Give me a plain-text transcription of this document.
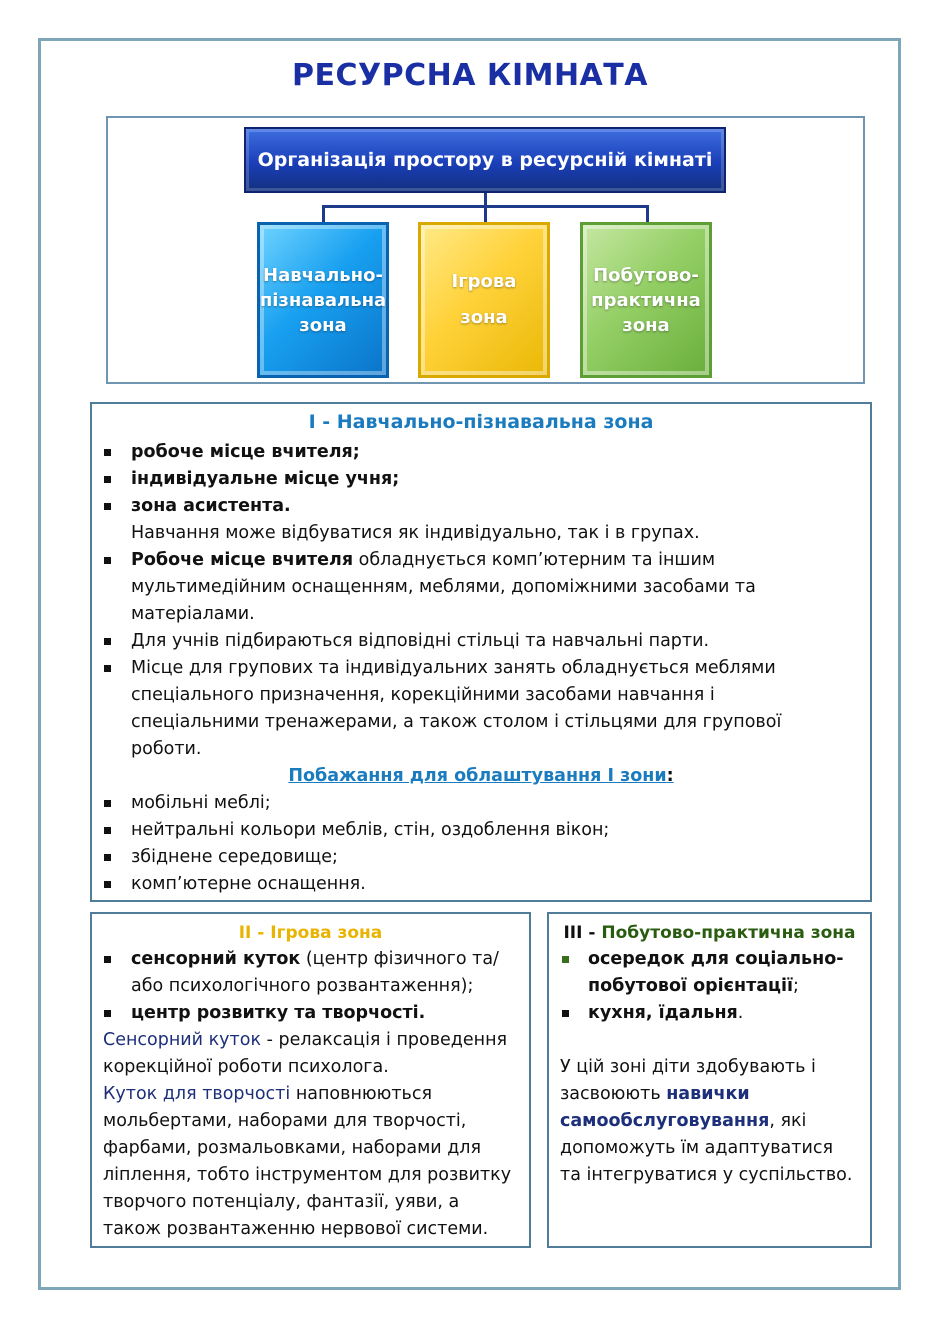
РЕСУРСНА КІМНАТА
Організація простору в ресурсній кімнаті
Навчально-
пізнавальна
зона
Ігрова

зона
Побутово-
практична
зона
І - Навчально-пізнавальна зона
робоче місце вчителя;
індивідуальне місце учня;
зона асистента.
Навчання може відбуватися як індивідуально, так і в групах.
Робоче місце вчителя обладнується комп’ютерним та іншим
мультимедійним оснащенням, меблями, допоміжними засобами та
матеріалами.
Для учнів підбираються відповідні стільці та навчальні парти.
Місце для групових та індивідуальних занять обладнується меблями
спеціального призначення, корекційними засобами навчання і
спеціальними тренажерами, а також столом і стільцями для групової
роботи.
Побажання для облаштування І зони:
мобільні меблі;
нейтральні кольори меблів, стін, оздоблення вікон;
збіднене середовище;
комп’ютерне оснащення.
ІІ - Ігрова зона
сенсорний куток (центр фізичного та/
або психологічного розвантаження);
центр розвитку та творчості.
Сенсорний куток - релаксація і проведення
корекційної роботи психолога.
Куток для творчості наповнюються
мольбертами, наборами для творчості,
фарбами, розмальовками, наборами для
ліплення, тобто інструментом для розвитку
творчого потенціалу, фантазії, уяви, а
також розвантаженню нервової системи.
ІІІ - Побутово-практична зона
осередок для соціально-
побутової орієнтації;
кухня, їдальня.
У цій зоні діти здобувають і
засвоюють навички
самообслуговування, які
допоможуть їм адаптуватися
та інтегруватися у суспільство.
